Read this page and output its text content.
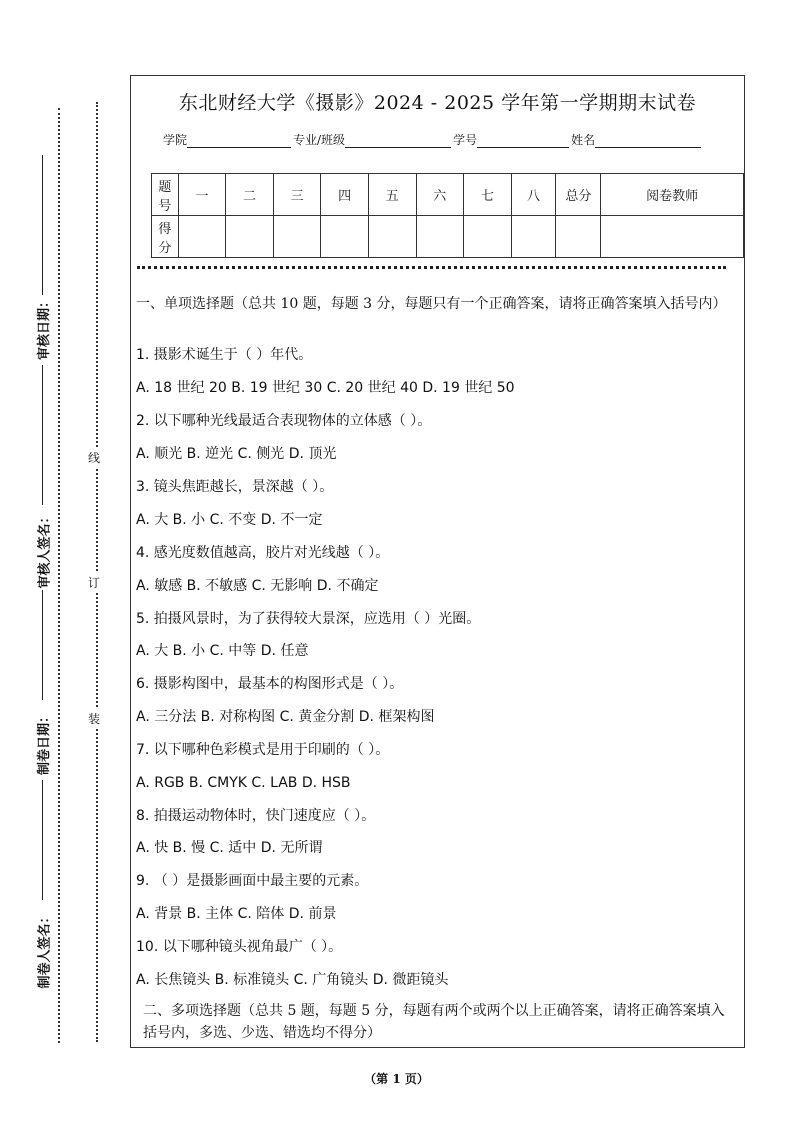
审核日期：
审核人签名：
制卷日期：
制卷人签名：
线
订
装
东北财经大学《摄影》2024 - 2025 学年第一学期期末试卷
学院	专业/班级	学号	姓名
题号	一	二	三	四	五	六	七	八	总分	阅卷教师
得分										
一、单项选择题（总共 10 题，每题 3 分，每题只有一个正确答案，请将正确答案填入括号内）
1. 摄影术诞生于（ ）年代。
A. 18 世纪 20 B. 19 世纪 30 C. 20 世纪 40 D. 19 世纪 50
2. 以下哪种光线最适合表现物体的立体感（ ）。
A. 顺光 B. 逆光 C. 侧光 D. 顶光
3. 镜头焦距越长，景深越（ ）。
A. 大 B. 小 C. 不变 D. 不一定
4. 感光度数值越高，胶片对光线越（ ）。
A. 敏感 B. 不敏感 C. 无影响 D. 不确定
5. 拍摄风景时，为了获得较大景深，应选用（ ）光圈。
A. 大 B. 小 C. 中等 D. 任意
6. 摄影构图中，最基本的构图形式是（ ）。
A. 三分法 B. 对称构图 C. 黄金分割 D. 框架构图
7. 以下哪种色彩模式是用于印刷的（ ）。
A. RGB B. CMYK C. LAB D. HSB
8. 拍摄运动物体时，快门速度应（ ）。
A. 快 B. 慢 C. 适中 D. 无所谓
9. （ ）是摄影画面中最主要的元素。
A. 背景 B. 主体 C. 陪体 D. 前景
10. 以下哪种镜头视角最广（ ）。
A. 长焦镜头 B. 标准镜头 C. 广角镜头 D. 微距镜头
二、多项选择题（总共 5 题，每题 5 分，每题有两个或两个以上正确答案，请将正确答案填入括号内，多选、少选、错选均不得分）
（第 1 页）
